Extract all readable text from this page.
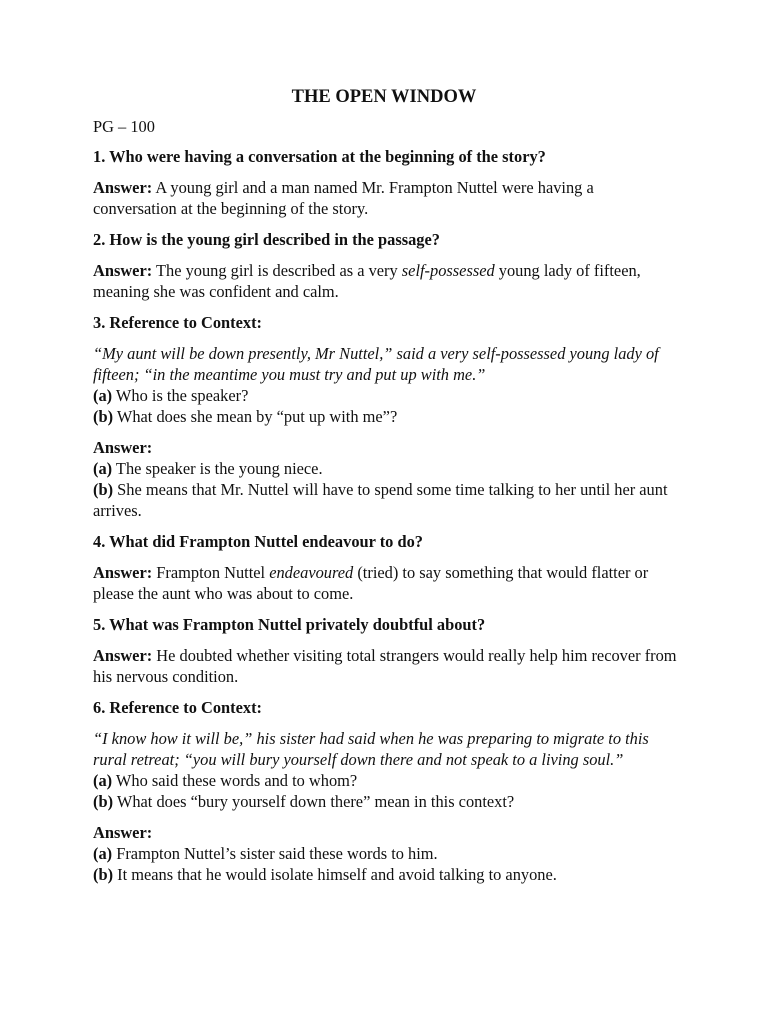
THE OPEN WINDOW

PG – 100

1. Who were having a conversation at the beginning of the story?

Answer: A young girl and a man named Mr. Frampton Nuttel were having a conversation at the beginning of the story.

2. How is the young girl described in the passage?

Answer: The young girl is described as a very self-possessed young lady of fifteen, meaning she was confident and calm.

3. Reference to Context:

“My aunt will be down presently, Mr Nuttel,” said a very self-possessed young lady of fifteen; “in the meantime you must try and put up with me.”

(a) Who is the speaker?

(b) What does she mean by “put up with me”?

Answer:

(a) The speaker is the young niece.

(b) She means that Mr. Nuttel will have to spend some time talking to her until her aunt arrives.

4. What did Frampton Nuttel endeavour to do?

Answer: Frampton Nuttel endeavoured (tried) to say something that would flatter or please the aunt who was about to come.

5. What was Frampton Nuttel privately doubtful about?

Answer: He doubted whether visiting total strangers would really help him recover from his nervous condition.

6. Reference to Context:

“I know how it will be,” his sister had said when he was preparing to migrate to this rural retreat; “you will bury yourself down there and not speak to a living soul.”

(a) Who said these words and to whom?

(b) What does “bury yourself down there” mean in this context?

Answer:

(a) Frampton Nuttel’s sister said these words to him.

(b) It means that he would isolate himself and avoid talking to anyone.
